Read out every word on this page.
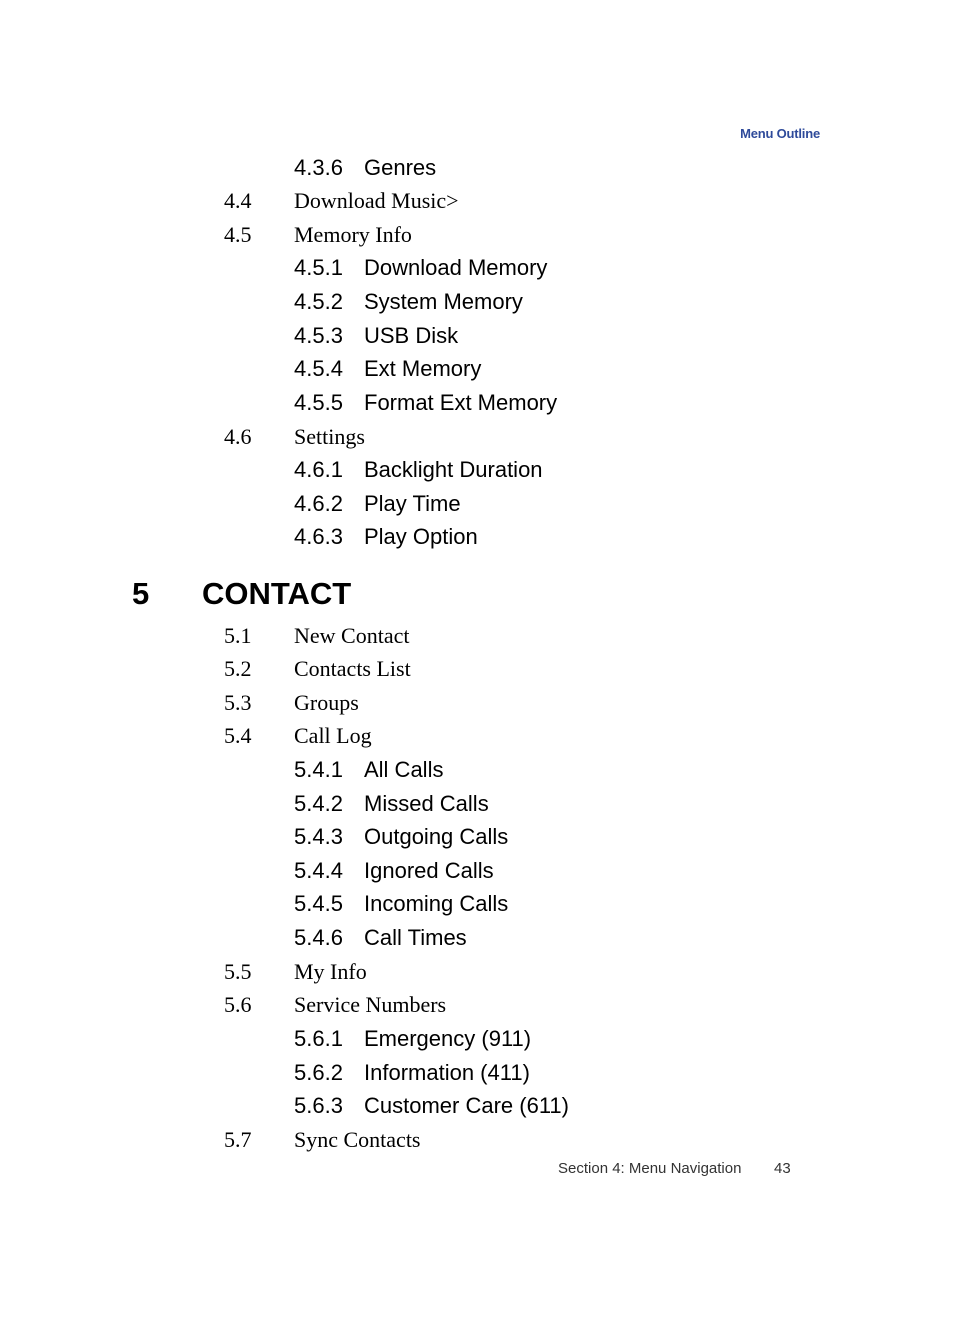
Menu Outline
4.3.6 Genres
4.4 Download Music>
4.5 Memory Info
4.5.1 Download Memory
4.5.2 System Memory
4.5.3 USB Disk
4.5.4 Ext Memory
4.5.5 Format Ext Memory
4.6 Settings
4.6.1 Backlight Duration
4.6.2 Play Time
4.6.3 Play Option
5 CONTACT
5.1 New Contact
5.2 Contacts List
5.3 Groups
5.4 Call Log
5.4.1 All Calls
5.4.2 Missed Calls
5.4.3 Outgoing Calls
5.4.4 Ignored Calls
5.4.5 Incoming Calls
5.4.6 Call Times
5.5 My Info
5.6 Service Numbers
5.6.1 Emergency (911)
5.6.2 Information (411)
5.6.3 Customer Care (611)
5.7 Sync Contacts
Section 4: Menu Navigation 43
